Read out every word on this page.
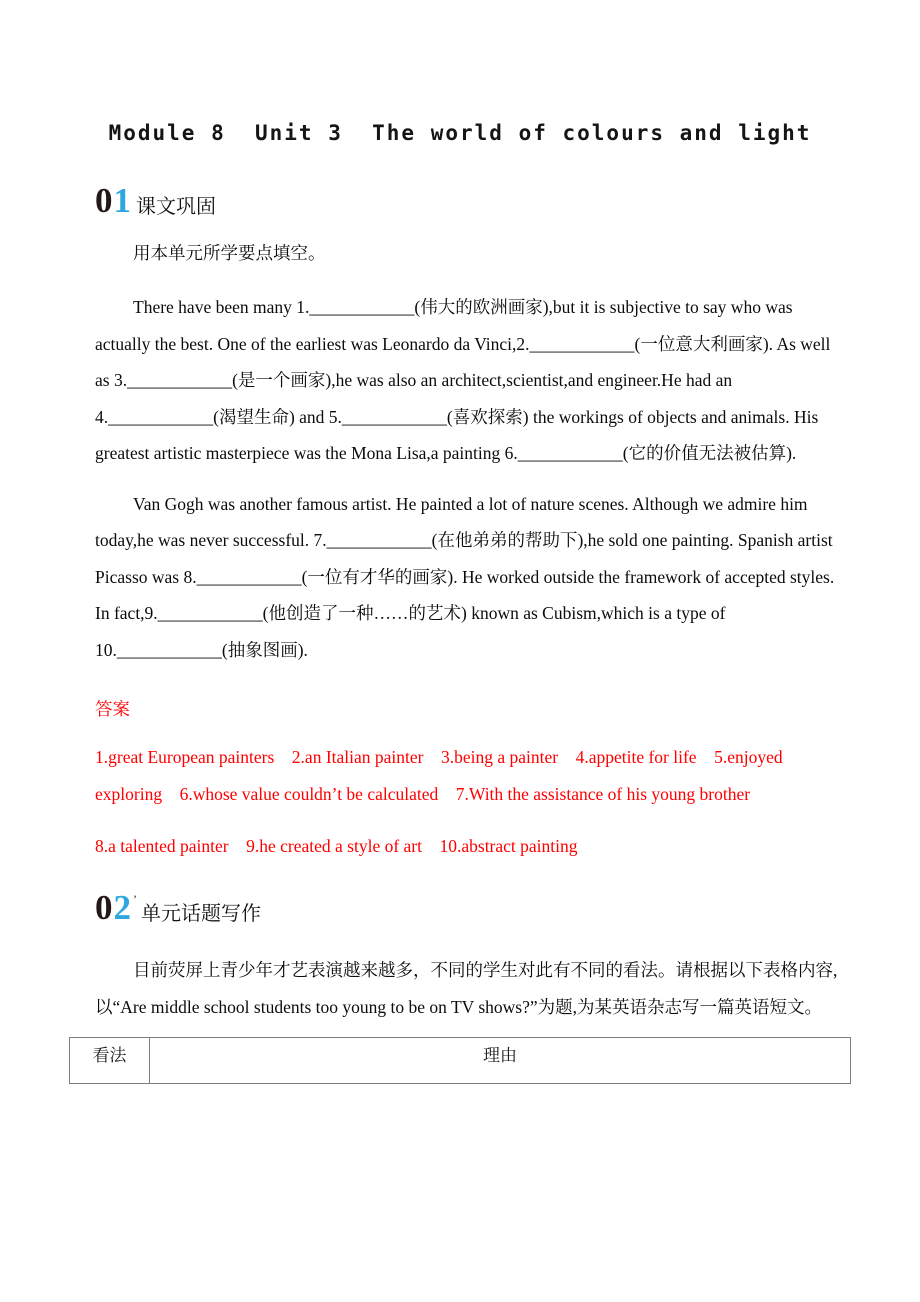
Module 8  Unit 3  The world of colours and light
01 课文巩固

用本单元所学要点填空。

There have been many 1.____________(伟大的欧洲画家),but it is subjective to say who was actually the best. One of the earliest was Leonardo da Vinci,2.____________(一位意大利画家). As well as 3.____________(是一个画家),he was also an architect,scientist,and engineer.He had an 4.____________(渴望生命) and 5.____________(喜欢探索) the workings of objects and animals. His greatest artistic masterpiece was the Mona Lisa,a painting 6.____________(它的价值无法被估算).

Van Gogh was another famous artist. He painted a lot of nature scenes. Although we admire him today,he was never successful. 7.____________(在他弟弟的帮助下),he sold one painting. Spanish artist Picasso was 8.____________(一位有才华的画家). He worked outside the framework of accepted styles. In fact,9.____________(他创造了一种……的艺术) known as Cubism,which is a type of 10.____________(抽象图画).

答案

1.great European painters    2.an Italian painter    3.being a painter    4.appetite for life    5.enjoyed exploring    6.whose value couldn’t be calculated    7.With the assistance of his young brother

8.a talented painter    9.he created a style of art    10.abstract painting

02 ’
单元话题写作

目前荧屏上青少年才艺表演越来越多，不同的学生对此有不同的看法。请根据以下表格内容,以“Are middle school students too young to be on TV shows?”为题,为某英语杂志写一篇英语短文。

看法	理由
